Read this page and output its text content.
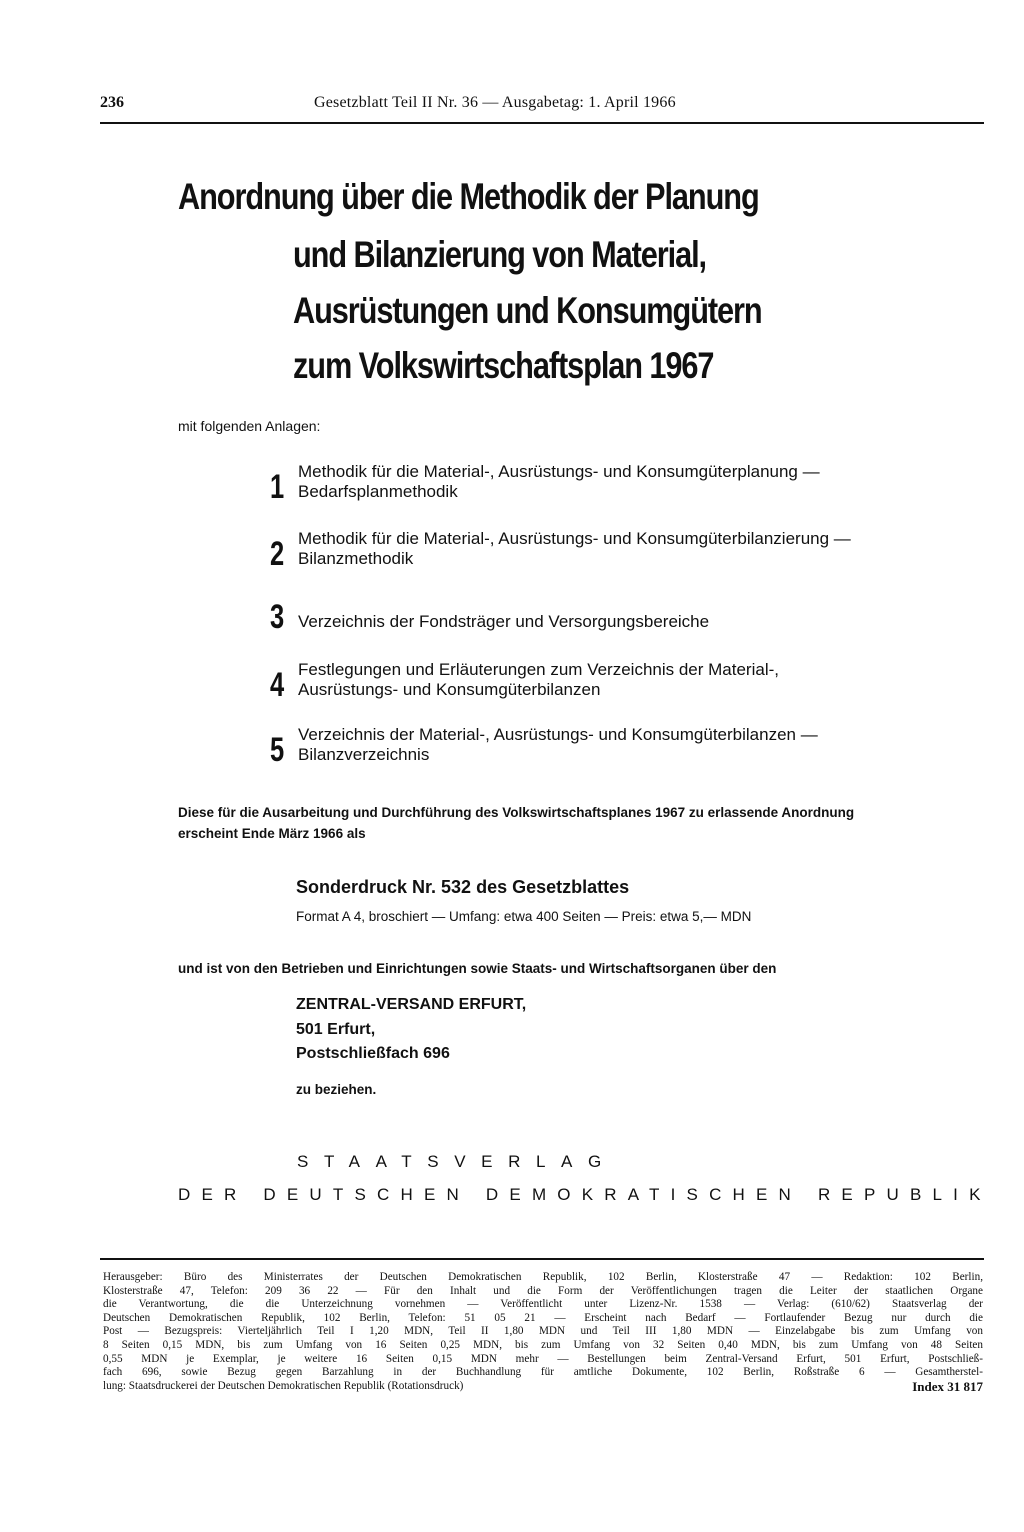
236	Gesetzblatt Teil II Nr. 36 — Ausgabetag: 1. April 1966
Anordnung über die Methodik der Planung
und Bilanzierung von Material,
Ausrüstungen und Konsumgütern
zum Volkswirtschaftsplan 1967
mit folgenden Anlagen:
1 Methodik für die Material-, Ausrüstungs- und Konsumgüterplanung —
Bedarfsplanmethodik
2 Methodik für die Material-, Ausrüstungs- und Konsumgüterbilanzierung —
Bilanzmethodik
3 Verzeichnis der Fondsträger und Versorgungsbereiche
4 Festlegungen und Erläuterungen zum Verzeichnis der Material-,
Ausrüstungs- und Konsumgüterbilanzen
5 Verzeichnis der Material-, Ausrüstungs- und Konsumgüterbilanzen —
Bilanzverzeichnis
Diese für die Ausarbeitung und Durchführung des Volkswirtschaftsplanes 1967 zu erlassende Anordnung
erscheint Ende März 1966 als
Sonderdruck Nr. 532 des Gesetzblattes
Format A 4, broschiert — Umfang: etwa 400 Seiten — Preis: etwa 5,— MDN
und ist von den Betrieben und Einrichtungen sowie Staats- und Wirtschaftsorganen über den
ZENTRAL-VERSAND ERFURT,
501 Erfurt,
Postschließfach 696
zu beziehen.
STAATSVERLAG
DER DEUTSCHEN DEMOKRATISCHEN REPUBLIK
Herausgeber: Büro des Ministerrates der Deutschen Demokratischen Republik, 102 Berlin, Klosterstraße 47 — Redaktion: 102 Berlin,
Klosterstraße 47, Telefon: 209 36 22 — Für den Inhalt und die Form der Veröffentlichungen tragen die Leiter der staatlichen Organe
die Verantwortung, die die Unterzeichnung vornehmen — Veröffentlicht unter Lizenz-Nr. 1538 — Verlag: (610/62) Staatsverlag der
Deutschen Demokratischen Republik, 102 Berlin, Telefon: 51 05 21 — Erscheint nach Bedarf — Fortlaufender Bezug nur durch die
Post — Bezugspreis: Vierteljährlich Teil I 1,20 MDN, Teil II 1,80 MDN und Teil III 1,80 MDN — Einzelabgabe bis zum Umfang von
8 Seiten 0,15 MDN, bis zum Umfang von 16 Seiten 0,25 MDN, bis zum Umfang von 32 Seiten 0,40 MDN, bis zum Umfang von 48 Seiten
0,55 MDN je Exemplar, je weitere 16 Seiten 0,15 MDN mehr — Bestellungen beim Zentral-Versand Erfurt, 501 Erfurt, Postschließ-
fach 696, sowie Bezug gegen Barzahlung in der Buchhandlung für amtliche Dokumente, 102 Berlin, Roßstraße 6 — Gesamtherstel-
lung: Staatsdruckerei der Deutschen Demokratischen Republik (Rotationsdruck)	Index 31 817
